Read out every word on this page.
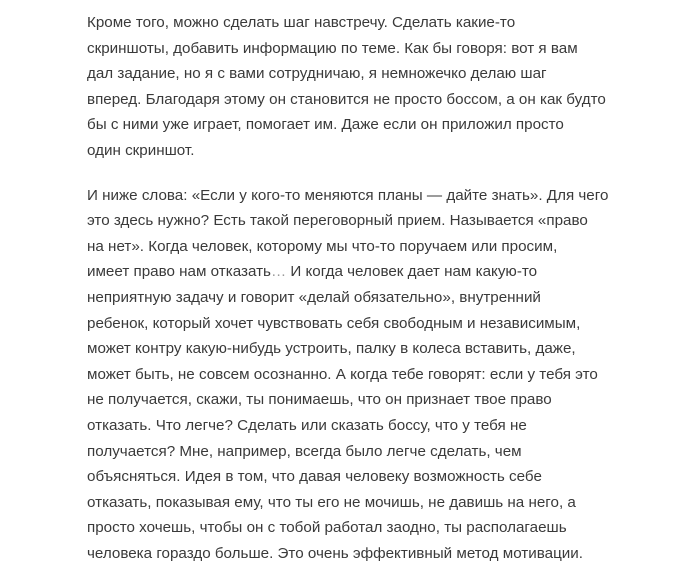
Кроме того, можно сделать шаг навстречу. Сделать какие-то
скриншоты, добавить информацию по теме. Как бы говоря: вот я вам
дал задание, но я с вами сотрудничаю, я немножечко делаю шаг
вперед. Благодаря этому он становится не просто боссом, а он как будто
бы с ними уже играет, помогает им. Даже если он приложил просто
один скриншот.

И ниже слова: «Если у кого-то меняются планы — дайте знать». Для чего
это здесь нужно? Есть такой переговорный прием. Называется «право
на нет». Когда человек, которому мы что-то поручаем или просим,
имеет право нам отказать… И когда человек дает нам какую-то
неприятную задачу и говорит «делай обязательно», внутренний
ребенок, который хочет чувствовать себя свободным и независимым,
может контру какую-нибудь устроить, палку в колеса вставить, даже,
может быть, не совсем осознанно. А когда тебе говорят: если у тебя это
не получается, скажи, ты понимаешь, что он признает твое право
отказать. Что легче? Сделать или сказать боссу, что у тебя не
получается? Мне, например, всегда было легче сделать, чем
объясняться. Идея в том, что давая человеку возможность себе
отказать, показывая ему, что ты его не мочишь, не давишь на него, а
просто хочешь, чтобы он с тобой работал заодно, ты располагаешь
человека гораздо больше. Это очень эффективный метод мотивации.
